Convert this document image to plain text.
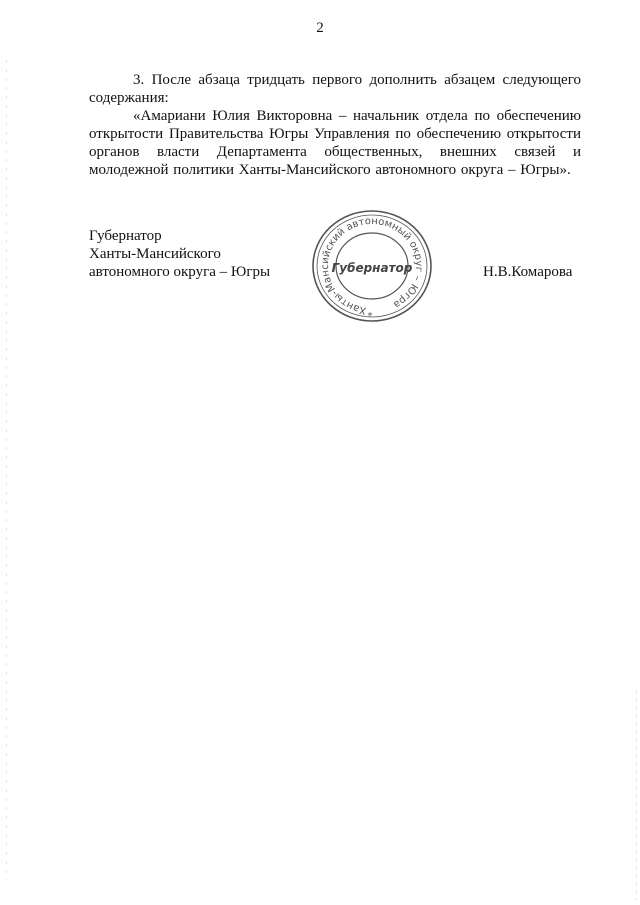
2

3. После абзаца тридцать первого дополнить абзацем следующего содержания:

«Амариани Юлия Викторовна – начальник отдела по обеспечению открытости Правительства Югры Управления по обеспечению открытости органов власти Департамента общественных, внешних связей и молодежной политики Ханты-Мансийского автономного округа – Югры».

Губернатор
Ханты-Мансийского
автономного округа – Югры
Ханты-Мансийский автономный округ – Югра
Губернатор
*
Н.В.Комарова
